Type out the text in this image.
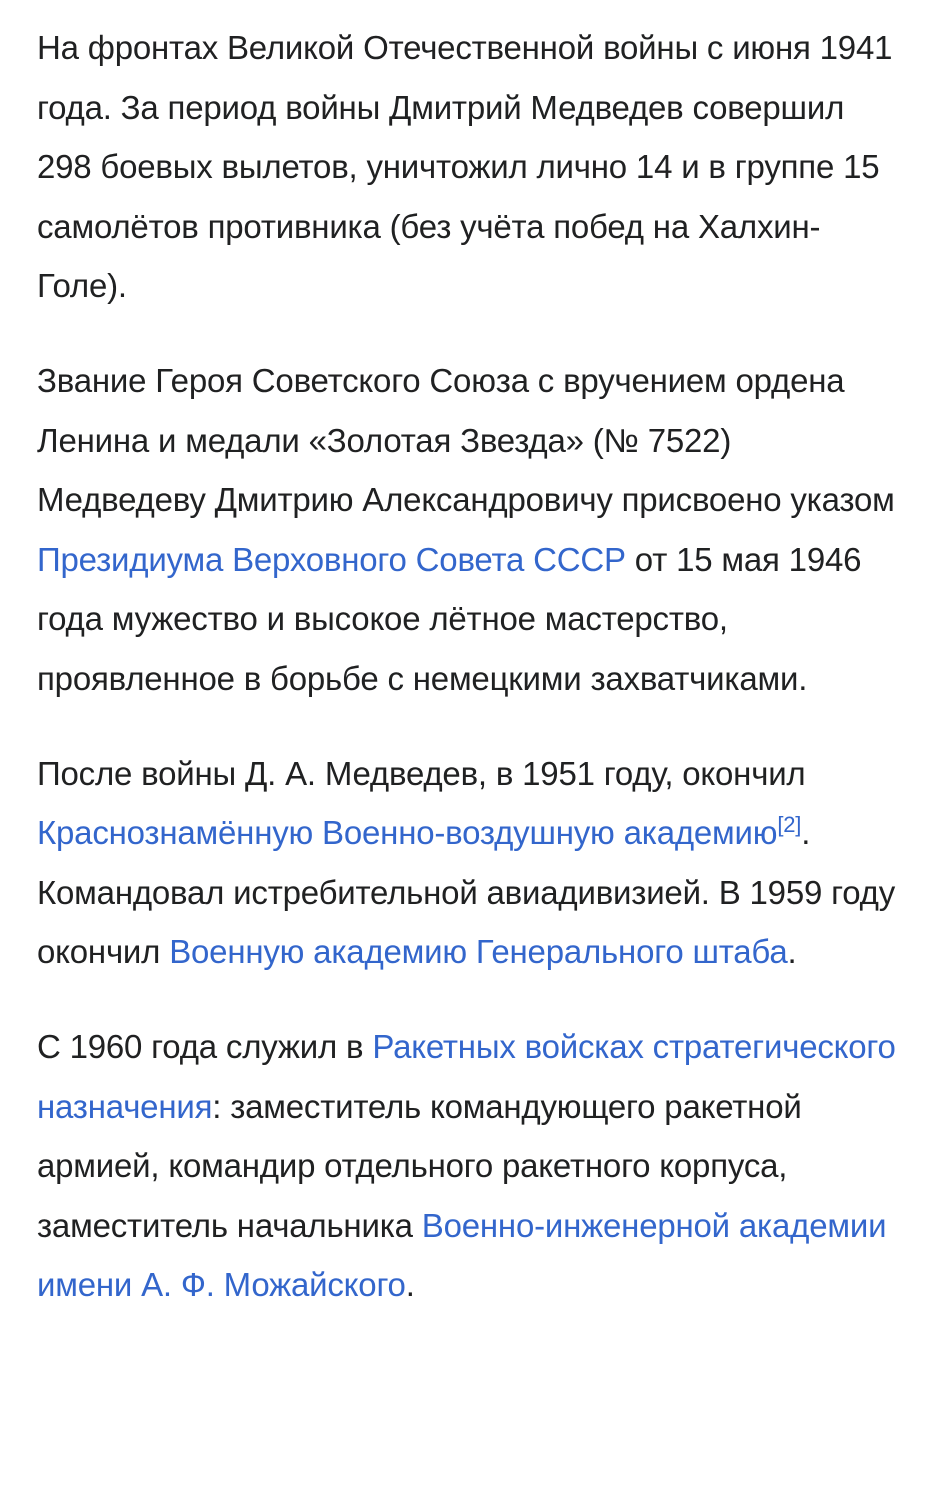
На фронтах Великой Отечественной войны с июня 1941 года. За период войны Дмитрий Медведев совершил 298 боевых вылетов, уничтожил лично 14 и в группе 15 самолётов противника (без учёта побед на Халхин-Голе).

Звание Героя Советского Союза с вручением ордена Ленина и медали «Золотая Звезда» (№ 7522) Медведеву Дмитрию Александровичу присвоено указом Президиума Верховного Совета СССР от 15 мая 1946 года мужество и высокое лётное мастерство, проявленное в борьбе с немецкими захватчиками.

После войны Д. А. Медведев, в 1951 году, окончил Краснознамённую Военно-воздушную академию[2]. Командовал истребительной авиадивизией. В 1959 году окончил Военную академию Генерального штаба.

С 1960 года служил в Ракетных войсках стратегического назначения: заместитель командующего ракетной армией, командир отдельного ракетного корпуса, заместитель начальника Военно-инженерной академии имени А. Ф. Можайского.
